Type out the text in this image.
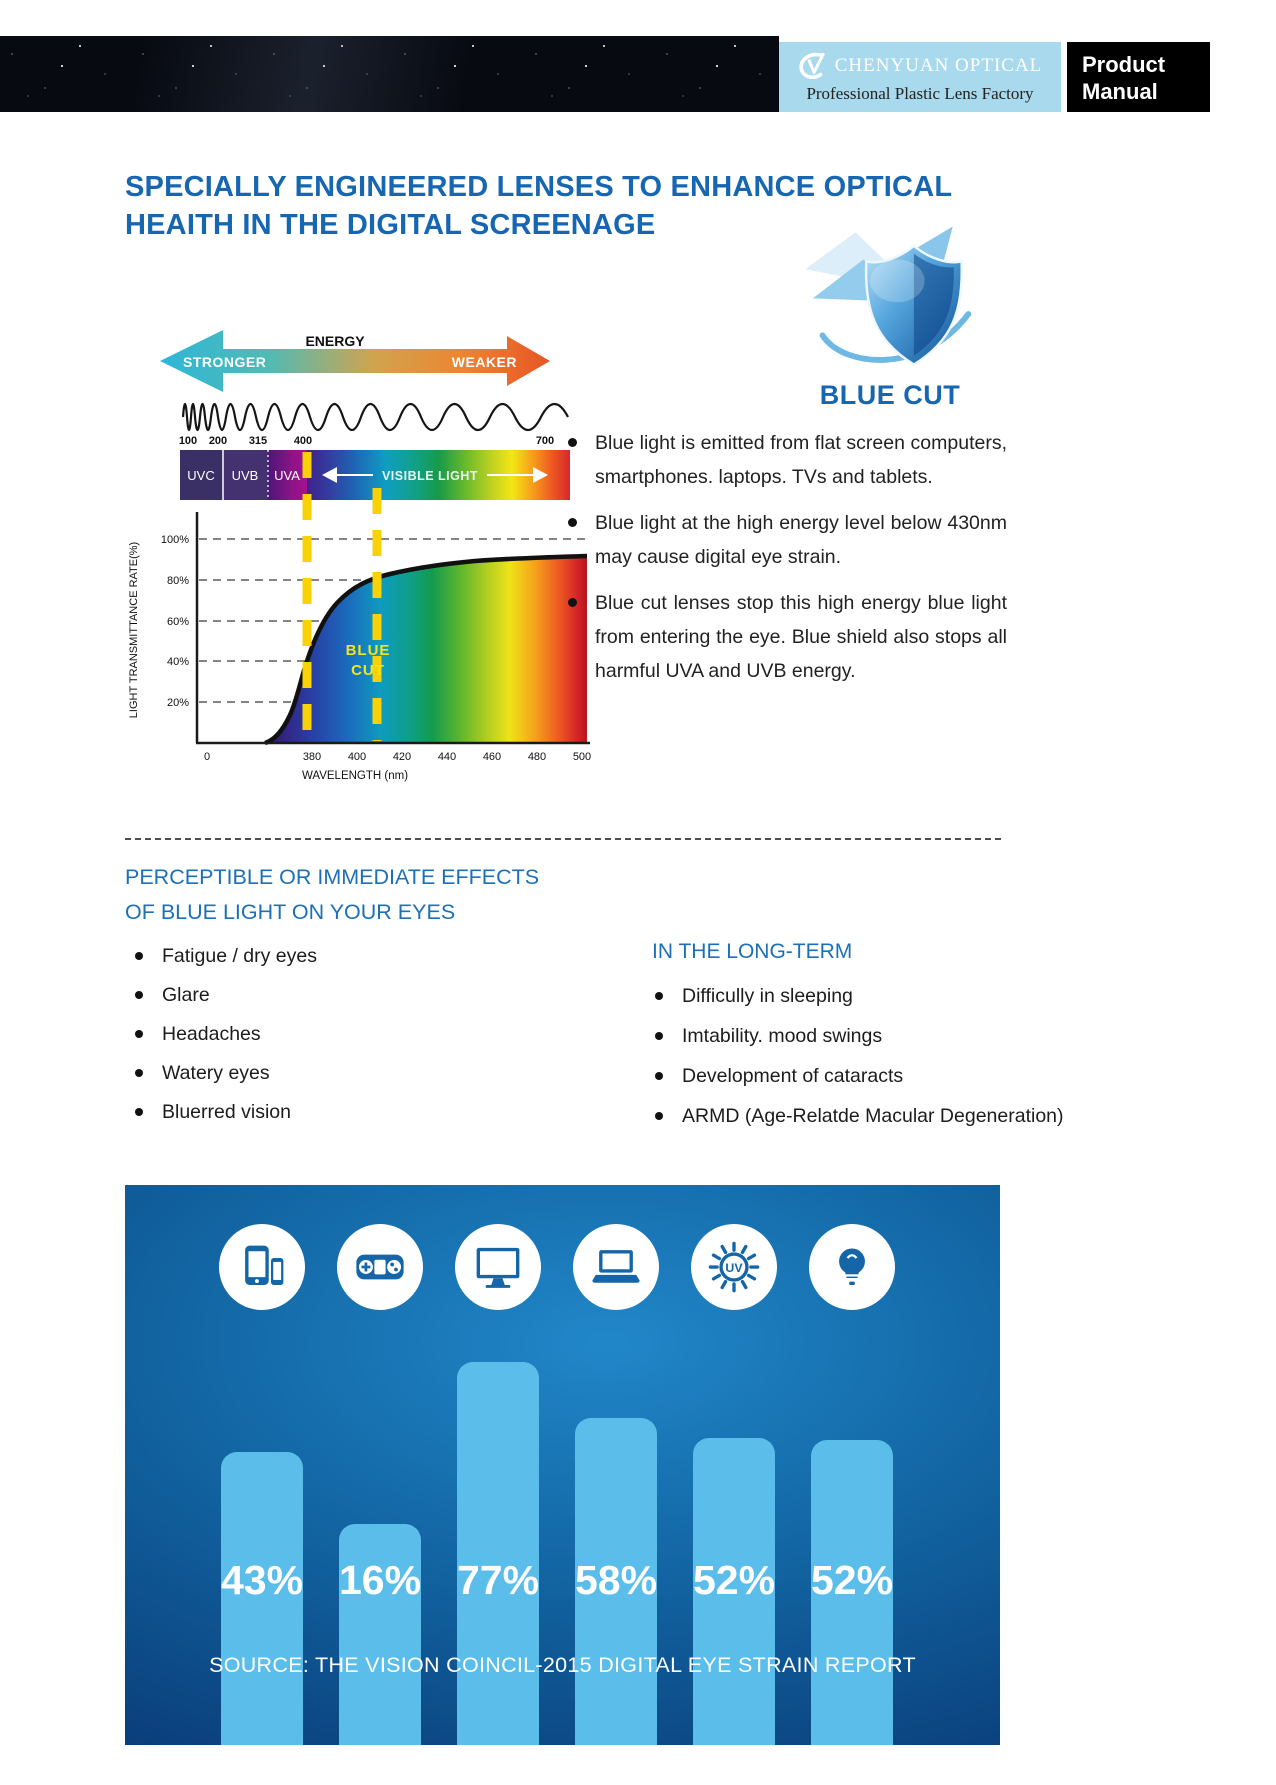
CHENYUAN OPTICAL
Professional Plastic Lens Factory
Product
Manual
SPECIALLY ENGINEERED LENSES TO ENHANCE OPTICAL
HEAITH IN THE DIGITAL SCREENAGE
ENERGY
STRONGER	WEAKER
100 200 315 400	700
UVC UVB UVA	VISIBLE LIGHT
LIGHT TRANSMITTANCE RATE(%)	BLUE
CUT
100%
80%
60%
40%
20%
0	380 400 420 440 460 480 500
WAVELENGTH (nm)
BLUE CUT
Blue light is emitted from flat screen computers, smartphones. laptops. TVs and tablets.
Blue light at the high energy level below 430nm may cause digital eye strain.
Blue cut lenses stop this high energy blue light from entering the eye. Blue shield also stops all harmful UVA and UVB energy.
PERCEPTIBLE OR IMMEDIATE EFFECTS
OF BLUE LIGHT ON YOUR EYES
Fatigue / dry eyes
Glare
Headaches
Watery eyes
Bluerred vision
IN THE LONG-TERM
Difficully in sleeping
Imtability. mood swings
Development of cataracts
ARMD (Age-Relatde Macular Degeneration)
UV
43% 16% 77% 58% 52% 52%
SOURCE: THE VISION COINCIL-2015 DIGITAL EYE STRAIN REPORT
